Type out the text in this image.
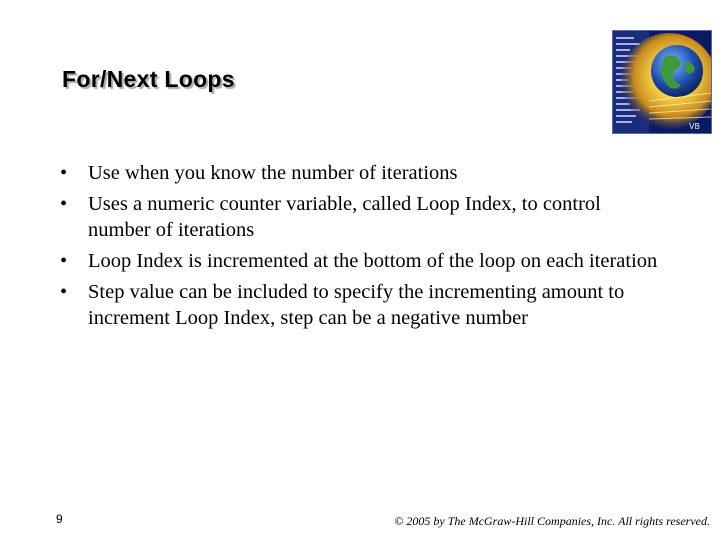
For/Next Loops
VB
• Use when you know the number of iterations
• Uses a numeric counter variable, called Loop Index, to control number of iterations
• Loop Index is incremented at the bottom of the loop on each iteration
• Step value can be included to specify the incrementing amount to increment Loop Index, step can be a negative number
9	© 2005 by The McGraw-Hill Companies, Inc. All rights reserved.
